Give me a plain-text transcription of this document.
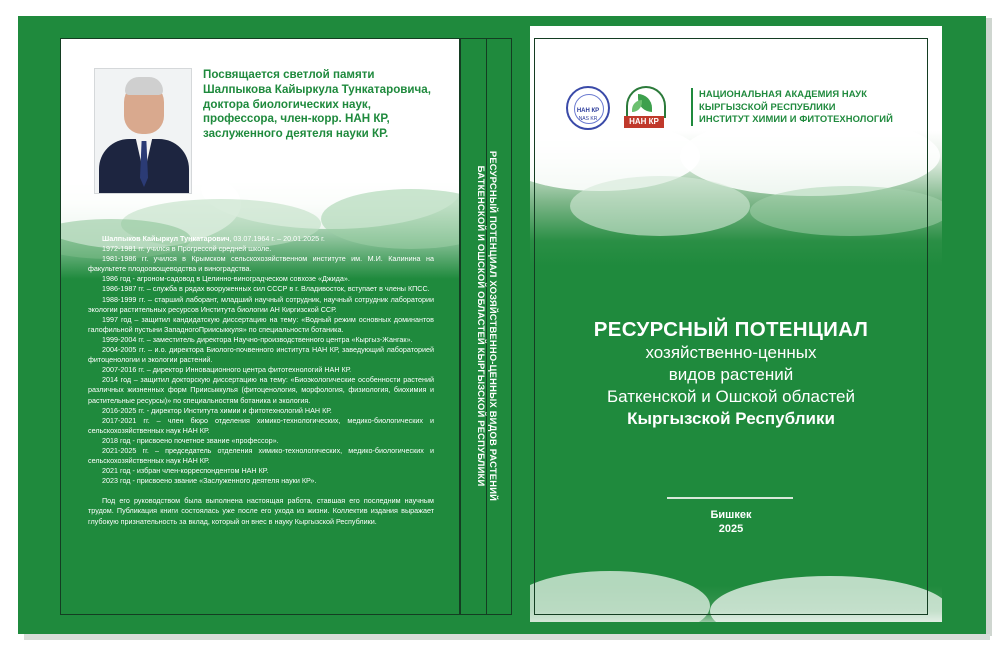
Посвящается светлой памяти Шалпыкова Кайыркула Тункатаровича, доктора биологических наук, профессора, член-корр. НАН КР, заслуженного деятеля науки КР.

Шалпыков Кайыркул Тункатарович, 03.07.1964 г. – 20.01.2025 г.

1972-1981 гг. учился в Прогрессой средней школе.

1981-1986 гг. учился в Крымском сельскохозяйственном институте им. М.И. Калинина на факультете плодоовощеводства и виноградства.

1986 год - агроном-садовод в Целинно-виноградческом совхозе «Джида».

1986-1987 гг. – служба в рядах вооруженных сил СССР в г. Владивосток, вступает в члены КПСС.

1988-1999 гг. – старший лаборант, младший научный сотрудник, научный сотрудник лаборатории экологии растительных ресурсов Института биологии АН Киргизской ССР.

1997 год – защитил кандидатскую диссертацию на тему: «Водный режим основных доминантов галофильной пустыни ЗападногоПриисыккуля» по специальности ботаника.

1999-2004 гг. – заместитель директора Научно-производственного центра «Кыргыз-Жангак».

2004-2005 гг. – и.о. директора Биолого-почвенного института НАН КР, заведующий лабораторией фитоценологии и экологии растений.

2007-2016 гг. – директор Инновационного центра фитотехнологий НАН КР.

2014 год – защитил докторскую диссертацию на тему: «Биоэкологические особенности растений различных жизненных форм Приисыккулья (фитоценология, морфология, физиология, биохимия и растительные ресурсы)» по специальностям ботаника и экология.

2016-2025 гг. - директор Института химии и фитотехнологий НАН КР.

2017-2021 гг. – член бюро отделения химико-технологических, медико-биологических и сельскохозяйственных наук НАН КР.

2018 год - присвоено почетное звание «профессор».

2021-2025 гг. – председатель отделения химико-технологических, медико-биологических и сельскохозяйственных наук НАН КР.

2021 год - избран член-корреспондентом НАН КР.

2023 год - присвоено звание «Заслуженного деятеля науки КР».

Под его руководством была выполнена настоящая работа, ставшая его последним научным трудом. Публикация книги состоялась уже после его ухода из жизни. Коллектив издания выражает глубокую признательность за вклад, который он внес в науку Кыргызской Республики.

РЕСУРСНЫЙ ПОТЕНЦИАЛ ХОЗЯЙСТВЕННО-ЦЕННЫХ ВИДОВ РАСТЕНИЙ
БАТКЕНСКОЙ И ОШСКОЙ ОБЛАСТЕЙ КЫРГЫЗСКОЙ РЕСПУБЛИКИ
НАН КР
NAS KR	НАН КР
НАЦИОНАЛЬНАЯ АКАДЕМИЯ НАУК
КЫРГЫЗСКОЙ РЕСПУБЛИКИ
ИНСТИТУТ ХИМИИ И ФИТОТЕХНОЛОГИЙ
РЕСУРСНЫЙ ПОТЕНЦИАЛ
хозяйственно-ценных
видов растений
Баткенской и Ошской областей
Кыргызской Республики
Бишкек
2025
